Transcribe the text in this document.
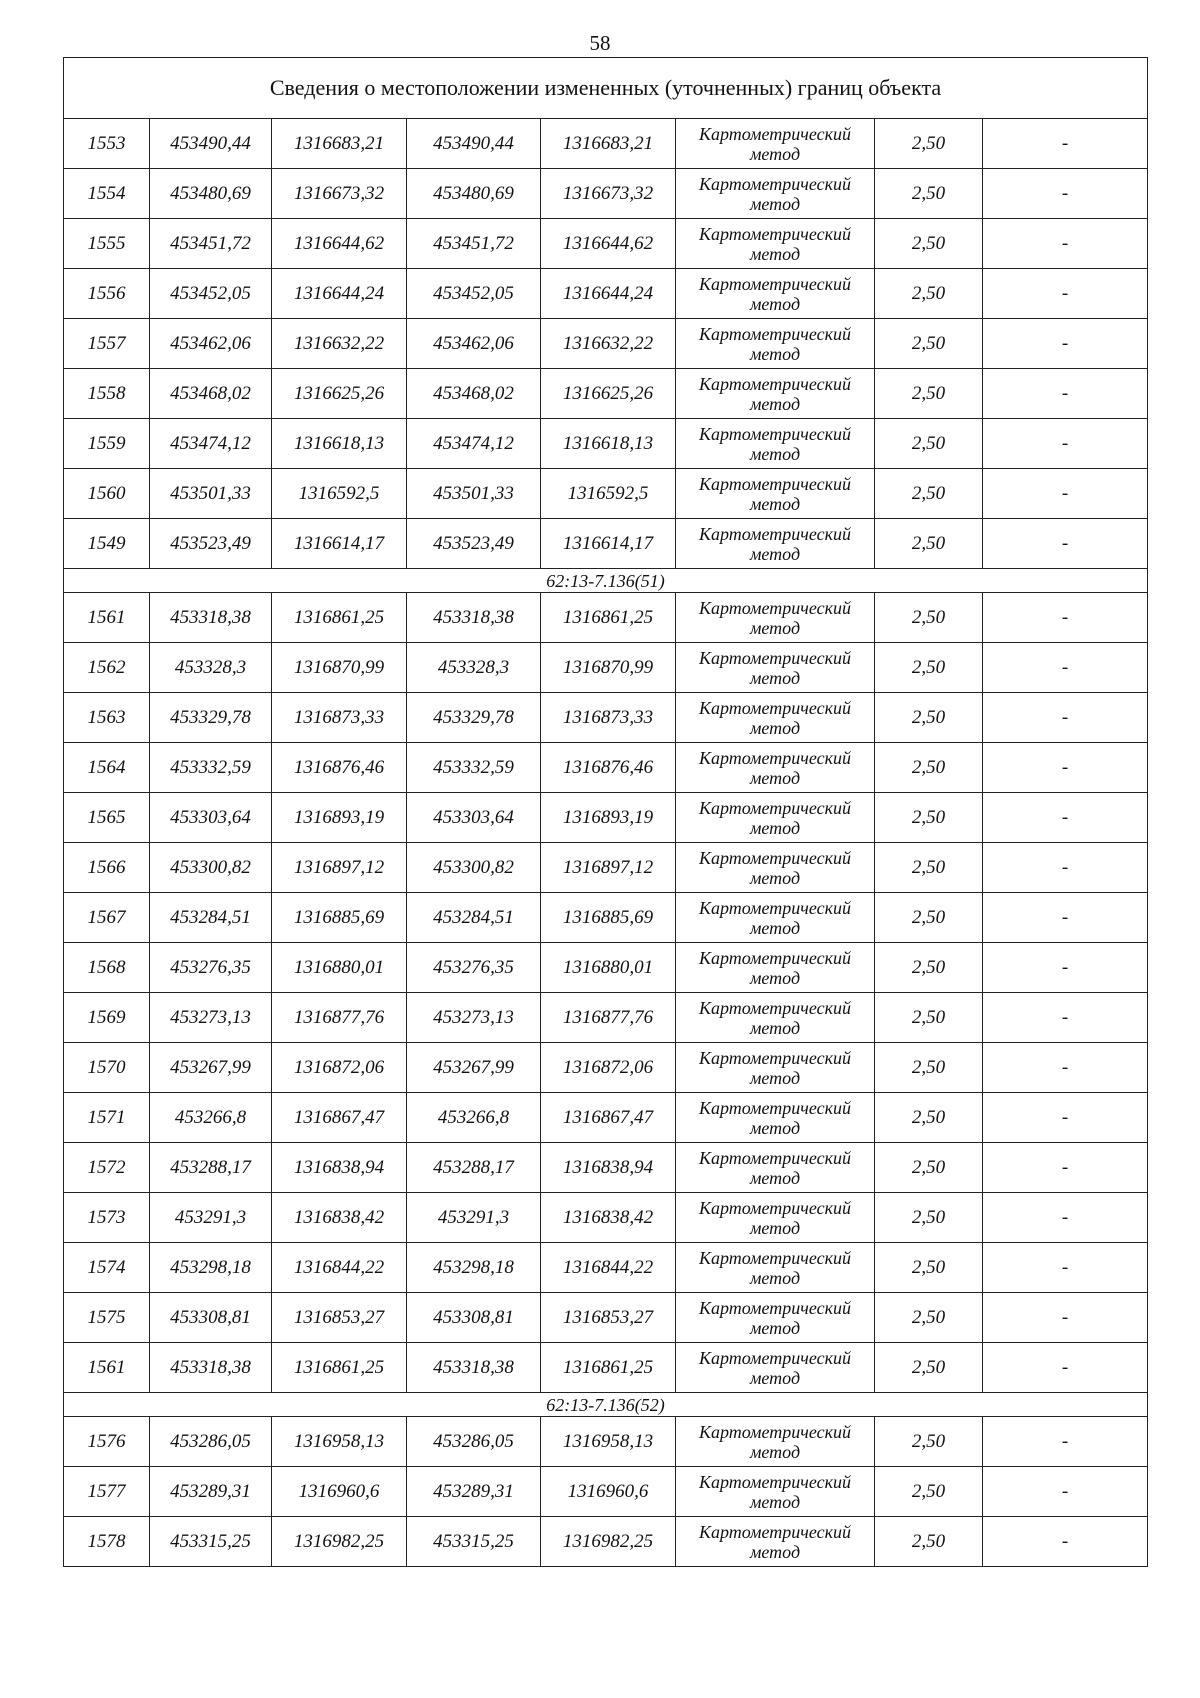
58
Сведения о местоположении измененных (уточненных) границ объекта							
1553	453490,44	1316683,21	453490,44	1316683,21	Картометрический метод	2,50	-
1554	453480,69	1316673,32	453480,69	1316673,32	Картометрический метод	2,50	-
1555	453451,72	1316644,62	453451,72	1316644,62	Картометрический метод	2,50	-
1556	453452,05	1316644,24	453452,05	1316644,24	Картометрический метод	2,50	-
1557	453462,06	1316632,22	453462,06	1316632,22	Картометрический метод	2,50	-
1558	453468,02	1316625,26	453468,02	1316625,26	Картометрический метод	2,50	-
1559	453474,12	1316618,13	453474,12	1316618,13	Картометрический метод	2,50	-
1560	453501,33	1316592,5	453501,33	1316592,5	Картометрический метод	2,50	-
1549	453523,49	1316614,17	453523,49	1316614,17	Картометрический метод	2,50	-
62:13-7.136(51)							
1561	453318,38	1316861,25	453318,38	1316861,25	Картометрический метод	2,50	-
1562	453328,3	1316870,99	453328,3	1316870,99	Картометрический метод	2,50	-
1563	453329,78	1316873,33	453329,78	1316873,33	Картометрический метод	2,50	-
1564	453332,59	1316876,46	453332,59	1316876,46	Картометрический метод	2,50	-
1565	453303,64	1316893,19	453303,64	1316893,19	Картометрический метод	2,50	-
1566	453300,82	1316897,12	453300,82	1316897,12	Картометрический метод	2,50	-
1567	453284,51	1316885,69	453284,51	1316885,69	Картометрический метод	2,50	-
1568	453276,35	1316880,01	453276,35	1316880,01	Картометрический метод	2,50	-
1569	453273,13	1316877,76	453273,13	1316877,76	Картометрический метод	2,50	-
1570	453267,99	1316872,06	453267,99	1316872,06	Картометрический метод	2,50	-
1571	453266,8	1316867,47	453266,8	1316867,47	Картометрический метод	2,50	-
1572	453288,17	1316838,94	453288,17	1316838,94	Картометрический метод	2,50	-
1573	453291,3	1316838,42	453291,3	1316838,42	Картометрический метод	2,50	-
1574	453298,18	1316844,22	453298,18	1316844,22	Картометрический метод	2,50	-
1575	453308,81	1316853,27	453308,81	1316853,27	Картометрический метод	2,50	-
1561	453318,38	1316861,25	453318,38	1316861,25	Картометрический метод	2,50	-
62:13-7.136(52)							
1576	453286,05	1316958,13	453286,05	1316958,13	Картометрический метод	2,50	-
1577	453289,31	1316960,6	453289,31	1316960,6	Картометрический метод	2,50	-
1578	453315,25	1316982,25	453315,25	1316982,25	Картометрический метод	2,50	-
